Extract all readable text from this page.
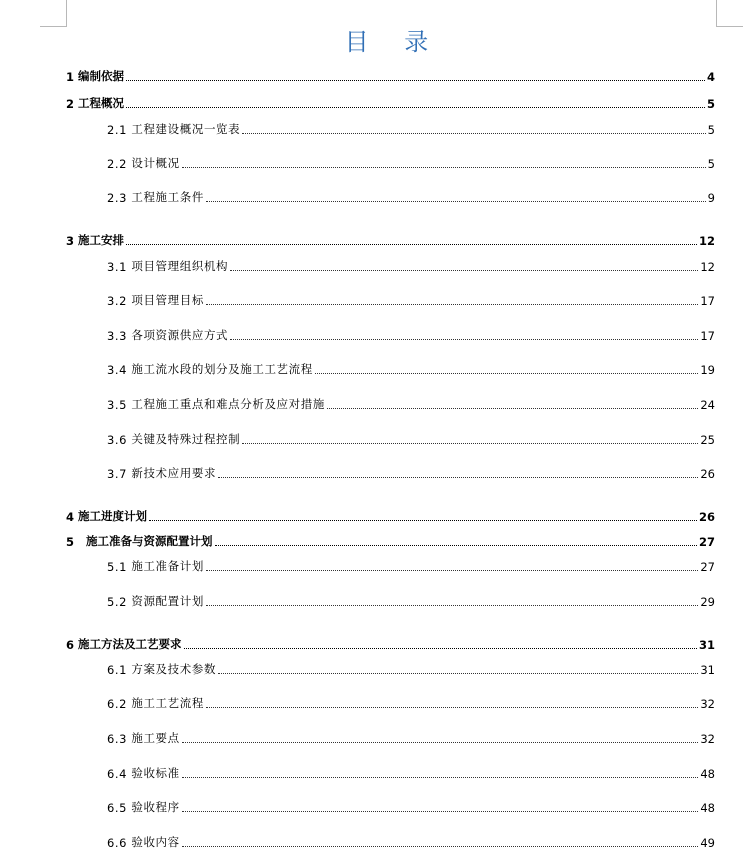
目 录
1 编制依据	4
2 工程概况	5
2.1 工程建设概况一览表	5
2.2 设计概况	5
2.3 工程施工条件	9
3 施工安排	12
3.1 项目管理组织机构	12
3.2 项目管理目标	17
3.3 各项资源供应方式	17
3.4 施工流水段的划分及施工工艺流程	19
3.5 工程施工重点和难点分析及应对措施	24
3.6 关键及特殊过程控制	25
3.7 新技术应用要求	26
4 施工进度计划	26
5 施工准备与资源配置计划	27
5.1 施工准备计划	27
5.2 资源配置计划	29
6 施工方法及工艺要求	31
6.1 方案及技术参数	31
6.2 施工工艺流程	32
6.3 施工要点	32
6.4 验收标准	48
6.5 验收程序	48
6.6 验收内容	49
